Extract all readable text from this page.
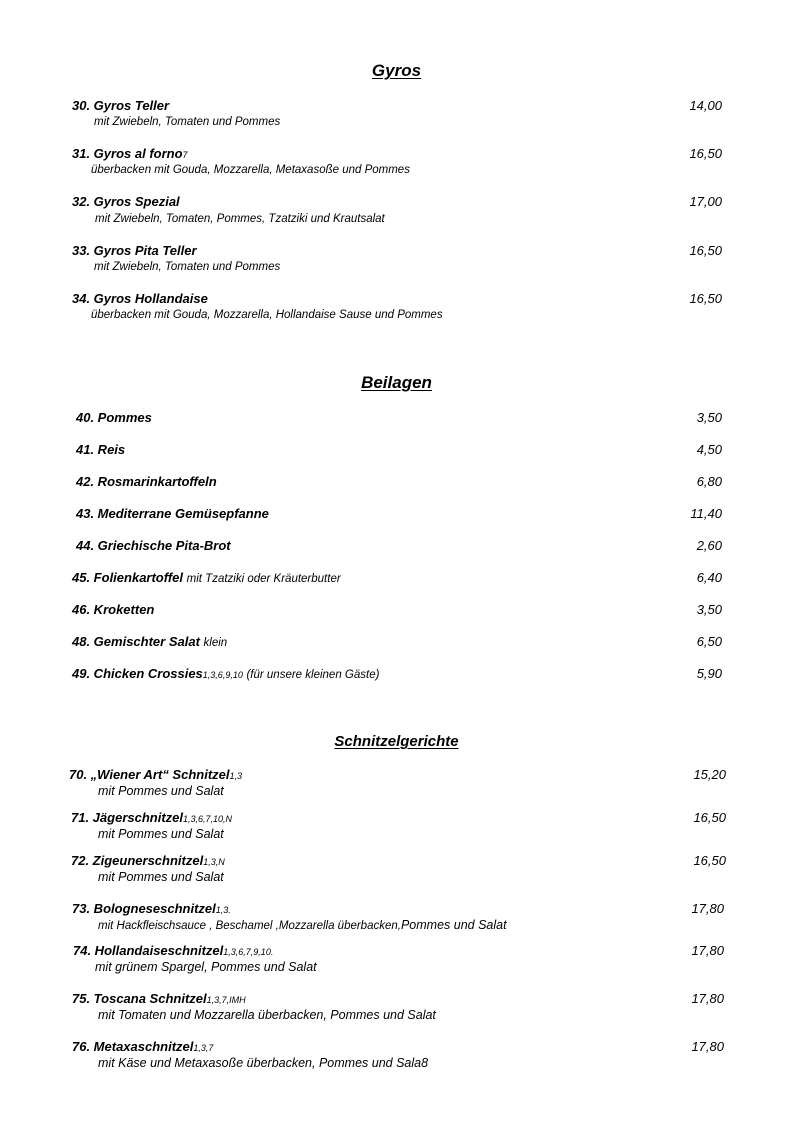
Gyros
30. Gyros Teller	14,00
mit Zwiebeln, Tomaten und Pommes
31. Gyros al forno7	16,50
überbacken mit Gouda, Mozzarella, Metaxasoße und Pommes
32. Gyros Spezial	17,00
mit Zwiebeln, Tomaten, Pommes, Tzatziki und Krautsalat
33. Gyros Pita Teller	16,50
mit Zwiebeln, Tomaten und Pommes
34. Gyros Hollandaise	16,50
überbacken mit Gouda, Mozzarella, Hollandaise Sause und Pommes
Beilagen
40. Pommes	3,50
41. Reis	4,50
42. Rosmarinkartoffeln	6,80
43. Mediterrane Gemüsepfanne	11,40
44. Griechische Pita-Brot	2,60
45. Folienkartoffel mit Tzatziki oder Kräuterbutter	6,40
46. Kroketten	3,50
48. Gemischter Salat klein	6,50
49. Chicken Crossies1,3,6,9,10 (für unsere kleinen Gäste)	5,90
Schnitzelgerichte
70. „Wiener Art“ Schnitzel1,3	15,20
mit Pommes und Salat
71. Jägerschnitzel1,3,6,7,10,N	16,50
mit Pommes und Salat
72. Zigeunerschnitzel1,3,N	16,50
mit Pommes und Salat
73. Bologneseschnitzel1,3.	17,80
mit Hackfleischsauce , Beschamel ,Mozzarella überbacken,Pommes und Salat
74. Hollandaiseschnitzel1,3,6,7,9,10.	17,80
mit grünem Spargel, Pommes und Salat
75. Toscana Schnitzel1,3,7,IMH	17,80
mit Tomaten und Mozzarella überbacken, Pommes und Salat
76. Metaxaschnitzel1,3,7	17,80
mit Käse und Metaxasoße überbacken, Pommes und Sala8
